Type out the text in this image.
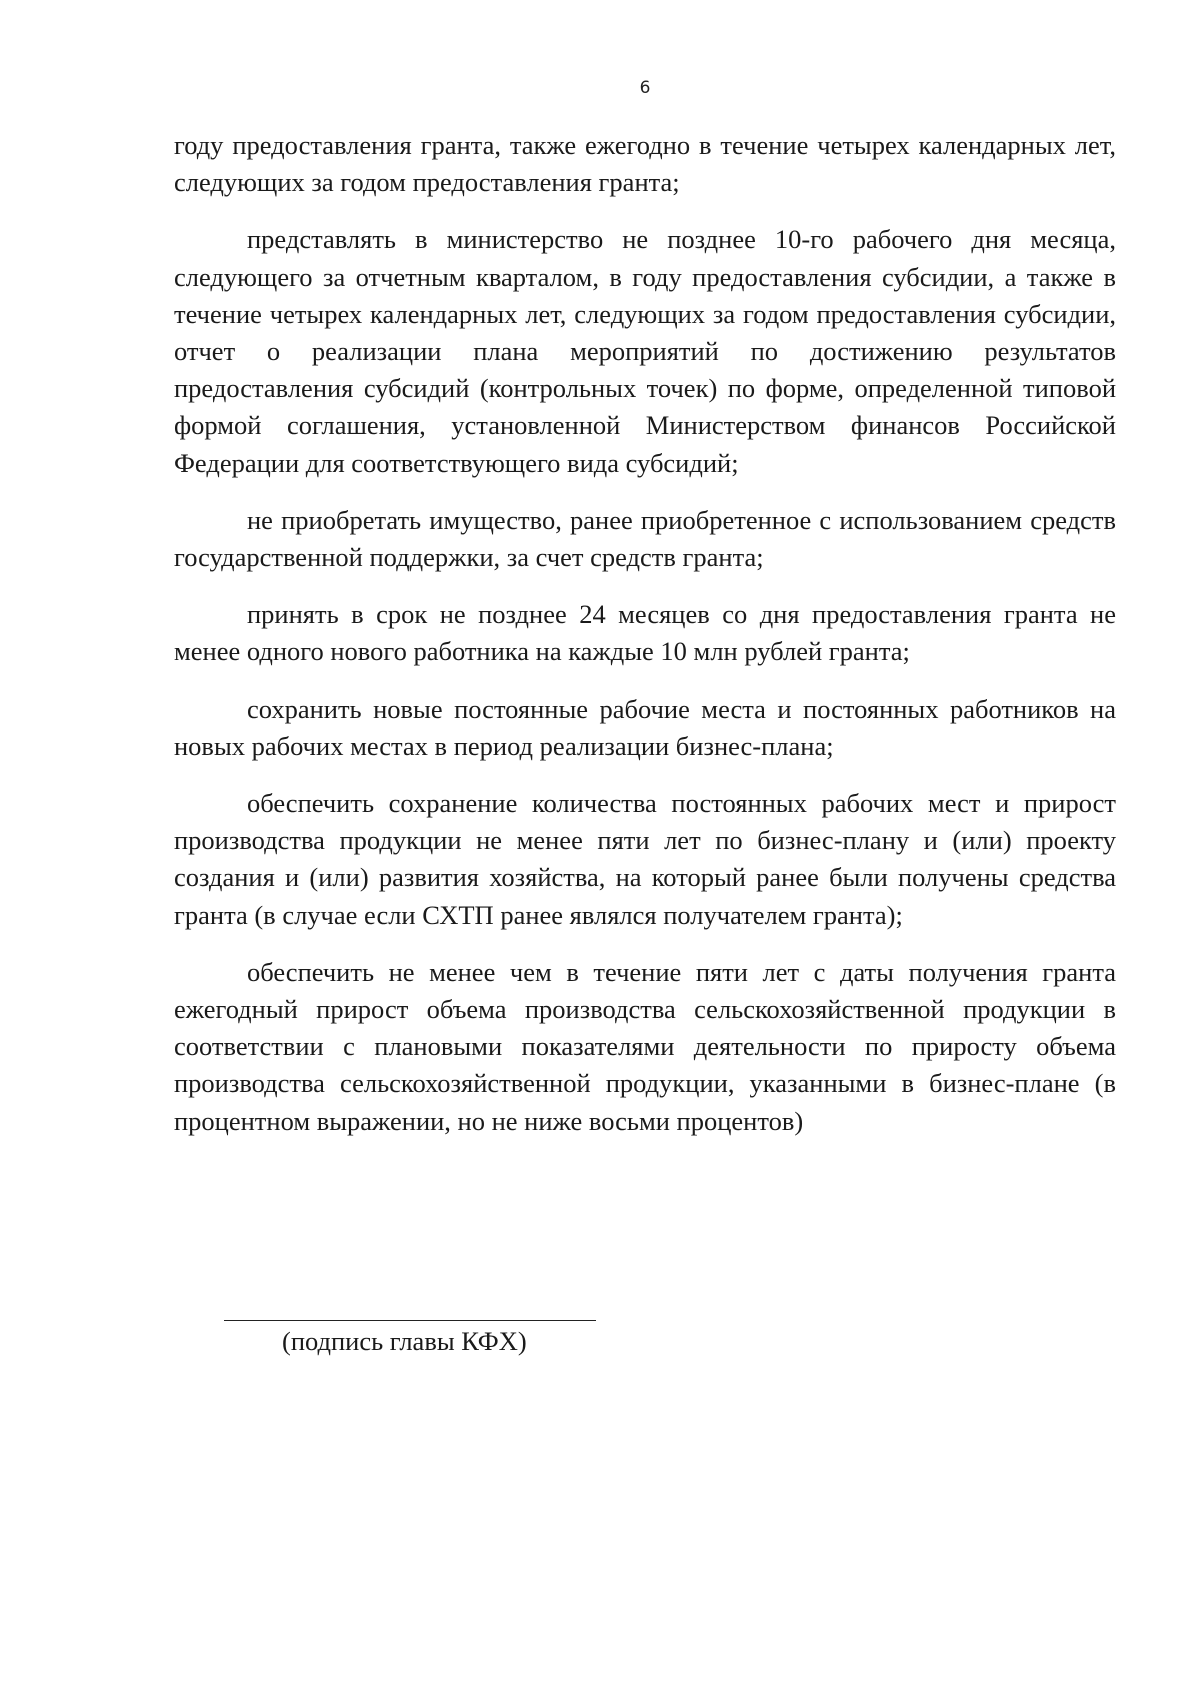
6

году предоставления гранта, также ежегодно в течение четырех календарных лет, следующих за годом предоставления гранта;

представлять в министерство не позднее 10-го рабочего дня месяца, следующего за отчетным кварталом, в году предоставления субсидии, а также в течение четырех календарных лет, следующих за годом предоставления субсидии, отчет о реализации плана мероприятий по достижению результатов предоставления субсидий (контрольных точек) по форме, определенной типовой формой соглашения, установленной Министерством финансов Российской Федерации для соответствующего вида субсидий;

не приобретать имущество, ранее приобретенное с использованием средств государственной поддержки, за счет средств гранта;

принять в срок не позднее 24 месяцев со дня предоставления гранта не менее одного нового работника на каждые 10 млн рублей гранта;

сохранить новые постоянные рабочие места и постоянных работников на новых рабочих местах в период реализации бизнес-плана;

обеспечить сохранение количества постоянных рабочих мест и прирост производства продукции не менее пяти лет по бизнес-плану и (или) проекту создания и (или) развития хозяйства, на который ранее были получены средства гранта (в случае если СХТП ранее являлся получателем гранта);

обеспечить не менее чем в течение пяти лет с даты получения гранта ежегодный прирост объема производства сельскохозяйственной продукции в соответствии с плановыми показателями деятельности по приросту объема производства сельскохозяйственной продукции, указанными в бизнес-плане (в процентном выражении, но не ниже восьми процентов)

(подпись главы КФХ)
